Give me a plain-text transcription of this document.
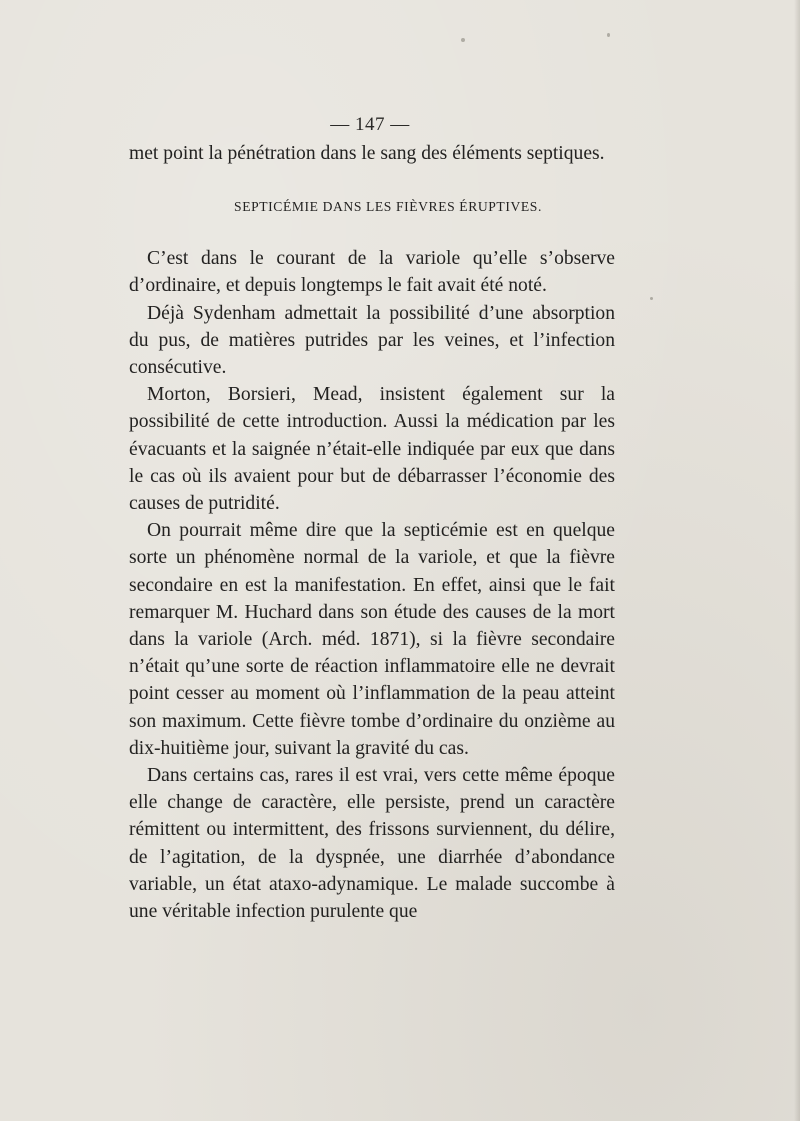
— 147 —

met point la pénétration dans le sang des éléments septiques.

SEPTICÉMIE DANS LES FIÈVRES ÉRUPTIVES.

C’est dans le courant de la variole qu’elle s’observe d’ordinaire, et depuis longtemps le fait avait été noté.

Déjà Sydenham admettait la possibilité d’une absorption du pus, de matières putrides par les veines, et l’infection consécutive.

Morton, Borsieri, Mead, insistent également sur la possibilité de cette introduction. Aussi la médication par les évacuants et la saignée n’était-elle indiquée par eux que dans le cas où ils avaient pour but de débarrasser l’économie des causes de putridité.

On pourrait même dire que la septicémie est en quelque sorte un phénomène normal de la variole, et que la fièvre secondaire en est la manifestation. En effet, ainsi que le fait remarquer M. Huchard dans son étude des causes de la mort dans la variole (Arch. méd. 1871), si la fièvre secondaire n’était qu’une sorte de réaction inflammatoire elle ne devrait point cesser au moment où l’inflammation de la peau atteint son maximum. Cette fièvre tombe d’ordinaire du onzième au dix-huitième jour, suivant la gravité du cas.

Dans certains cas, rares il est vrai, vers cette même époque elle change de caractère, elle persiste, prend un caractère rémittent ou intermittent, des frissons surviennent, du délire, de l’agitation, de la dyspnée, une diarrhée d’abondance variable, un état ataxo-adynamique. Le malade succombe à une véritable infection purulente que
